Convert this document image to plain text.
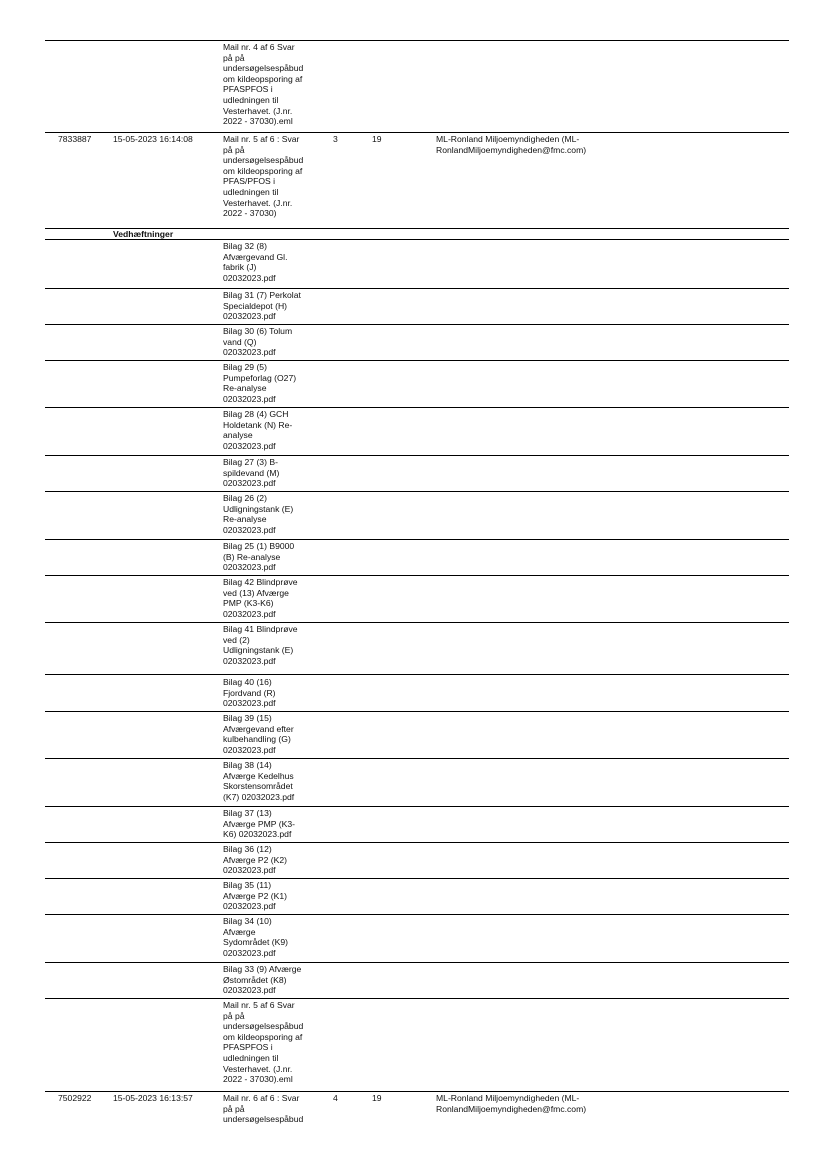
Mail nr. 4 af 6 Svar
på på
undersøgelsespåbud
om kildeopsporing af
PFASPFOS i
udledningen til
Vesterhavet. (J.nr.
2022 - 37030).eml
7833887	15-05-2023 16:14:08	Mail nr. 5 af 6 : Svar
på på
undersøgelsespåbud
om kildeopsporing af
PFAS/PFOS i
udledningen til
Vesterhavet. (J.nr.
2022 - 37030)
3	19	ML-Ronland Miljoemyndigheden (ML-
RonlandMiljoemyndigheden@fmc.com)
Vedhæftninger
Bilag 32 (8)
Afværgevand Gl.
fabrik (J)
02032023.pdf
Bilag 31 (7) Perkolat
Specialdepot (H)
02032023.pdf
Bilag 30 (6) Tolum
vand (Q)
02032023.pdf
Bilag 29 (5)
Pumpeforlag (O27)
Re-analyse
02032023.pdf
Bilag 28 (4) GCH
Holdetank (N) Re-
analyse
02032023.pdf
Bilag 27 (3) B-
spildevand (M)
02032023.pdf
Bilag 26 (2)
Udligningstank (E)
Re-analyse
02032023.pdf
Bilag 25 (1) B9000
(B) Re-analyse
02032023.pdf
Bilag 42 Blindprøve
ved (13) Afværge
PMP (K3-K6)
02032023.pdf
Bilag 41 Blindprøve
ved (2)
Udligningstank (E)
02032023.pdf
Bilag 40 (16)
Fjordvand (R)
02032023.pdf
Bilag 39 (15)
Afværgevand efter
kulbehandling (G)
02032023.pdf
Bilag 38 (14)
Afværge Kedelhus
Skorstensområdet
(K7) 02032023.pdf
Bilag 37 (13)
Afværge PMP (K3-
K6) 02032023.pdf
Bilag 36 (12)
Afværge P2 (K2)
02032023.pdf
Bilag 35 (11)
Afværge P2 (K1)
02032023.pdf
Bilag 34 (10)
Afværge
Sydområdet (K9)
02032023.pdf
Bilag 33 (9) Afværge
Østområdet (K8)
02032023.pdf
Mail nr. 5 af 6 Svar
på på
undersøgelsespåbud
om kildeopsporing af
PFASPFOS i
udledningen til
Vesterhavet. (J.nr.
2022 - 37030).eml
7502922	15-05-2023 16:13:57	Mail nr. 6 af 6 : Svar
på på
undersøgelsespåbud
4	19	ML-Ronland Miljoemyndigheden (ML-
RonlandMiljoemyndigheden@fmc.com)
